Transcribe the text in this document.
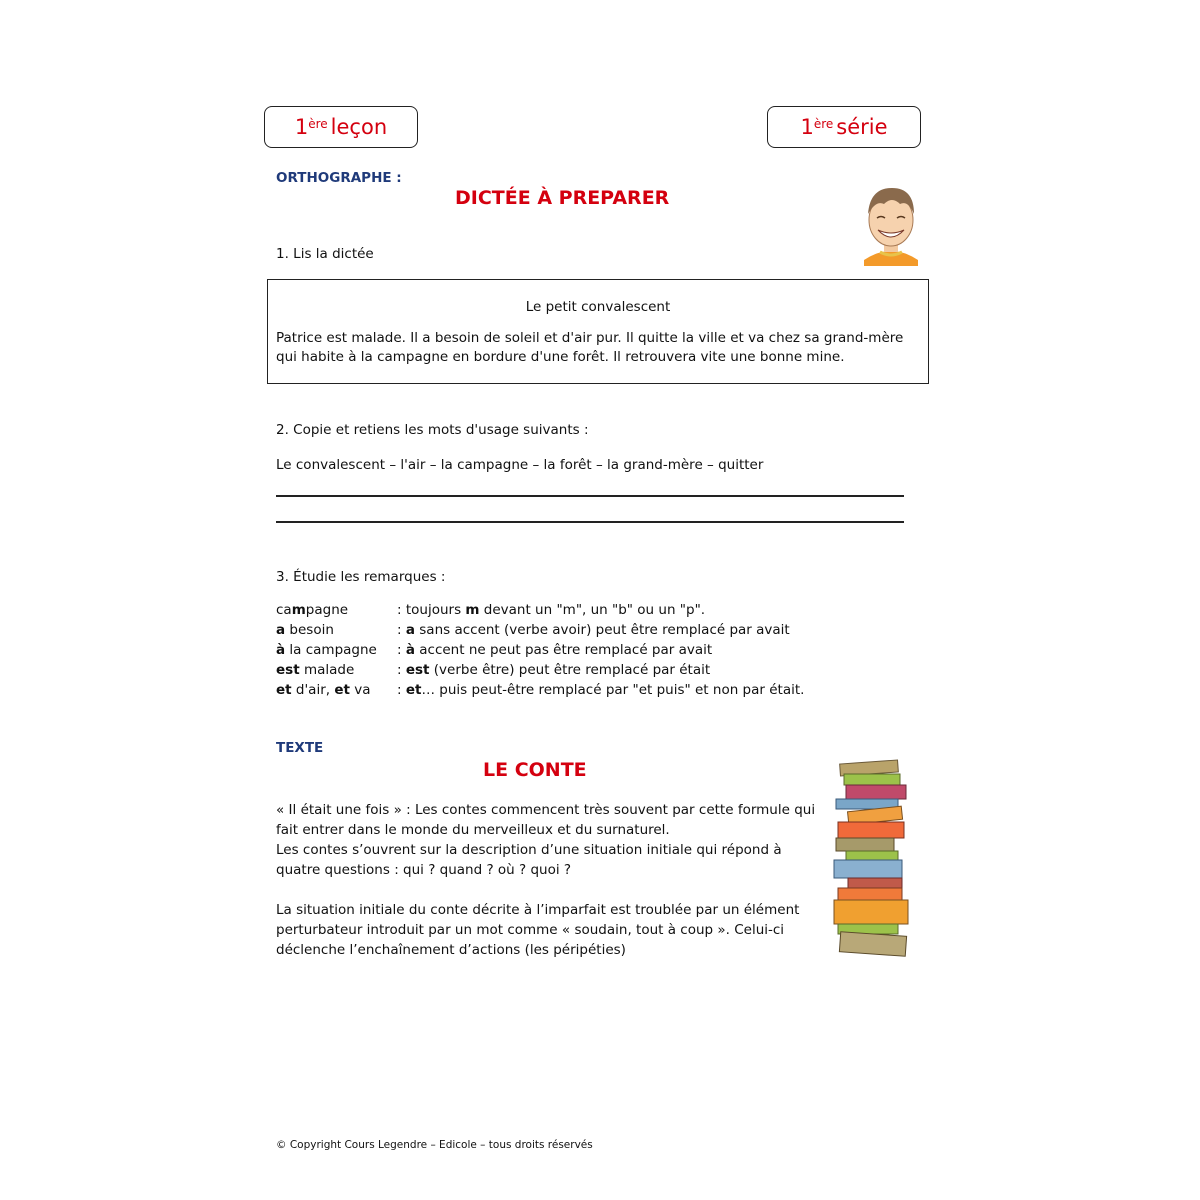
1ère leçon	1ère série
ORTHOGRAPHE :
DICTÉE À PREPARER
1. Lis la dictée
Le petit convalescent
Patrice est malade. Il a besoin de soleil et d'air pur. Il quitte la ville et va chez sa grand-mère qui habite à la campagne en bordure d'une forêt. Il retrouvera vite une bonne mine.
2. Copie et retiens les mots d'usage suivants :
Le convalescent – l'air – la campagne – la forêt – la grand-mère – quitter
3. Étudie les remarques :
campagne	: toujours m devant un "m", un "b" ou un "p".
a besoin	: a sans accent (verbe avoir) peut être remplacé par avait
à la campagne	: à accent ne peut pas être remplacé par avait
est malade	: est (verbe être) peut être remplacé par était
et d'air, et va	: et… puis peut-être remplacé par "et puis" et non par était.
TEXTE
LE CONTE

« Il était une fois » : Les contes commencent très souvent par cette formule qui fait entrer dans le monde du merveilleux et du surnaturel.

Les contes s’ouvrent sur la description d’une situation initiale qui répond à quatre questions : qui ? quand ? où ? quoi ?

La situation initiale du conte décrite à l’imparfait est troublée par un élément perturbateur introduit par un mot comme « soudain, tout à coup ». Celui-ci déclenche l’enchaînement d’actions (les péripéties)

© Copyright Cours Legendre – Edicole – tous droits réservés
